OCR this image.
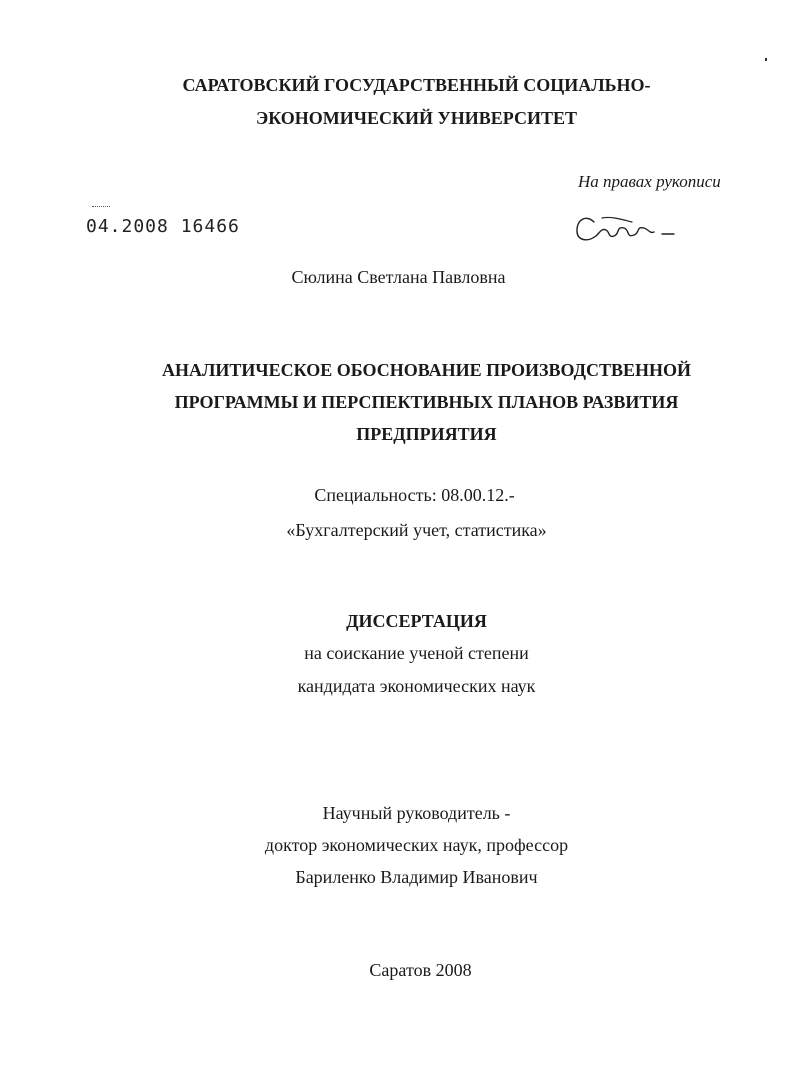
САРАТОВСКИЙ ГОСУДАРСТВЕННЫЙ СОЦИАЛЬНО-
ЭКОНОМИЧЕСКИЙ УНИВЕРСИТЕТ
На правах рукописи
04.2008 16466
Сюлина Светлана Павловна
АНАЛИТИЧЕСКОЕ ОБОСНОВАНИЕ ПРОИЗВОДСТВЕННОЙ
ПРОГРАММЫ И ПЕРСПЕКТИВНЫХ ПЛАНОВ РАЗВИТИЯ
ПРЕДПРИЯТИЯ
Специальность: 08.00.12.-
«Бухгалтерский учет, статистика»
ДИССЕРТАЦИЯ
на соискание ученой степени
кандидата экономических наук
Научный руководитель -
доктор экономических наук, профессор
Бариленко Владимир Иванович
Саратов 2008
